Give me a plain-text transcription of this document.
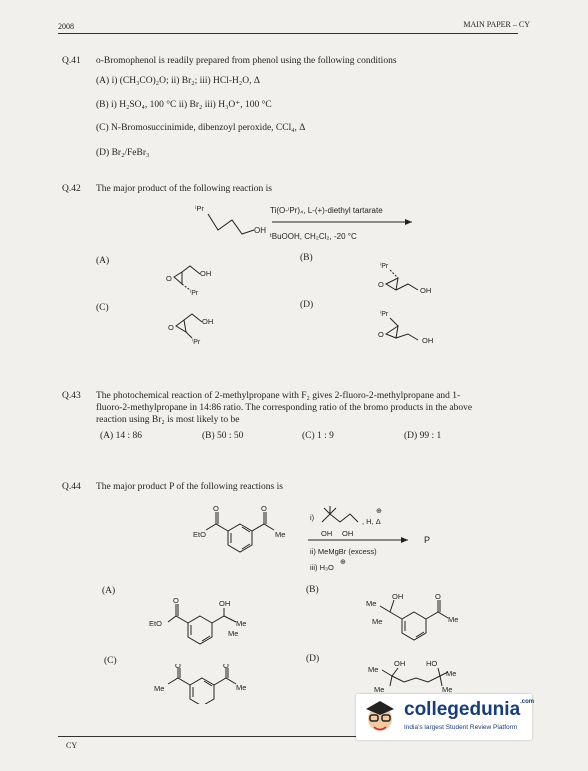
2008	MAIN PAPER – CY
Q.41 o-Bromophenol is readily prepared from phenol using the following conditions
(A) i) (CH₃CO)₂O; ii) Br₂; iii) HCl-H₂O, Δ
(B) i) H₂SO₄, 100 °C ii) Br₂ iii) H₃O⁺, 100 °C
(C) N-Bromosuccinimide, dibenzoyl peroxide, CCl₄, Δ
(D) Br₂/FeBr₃
Q.42 The major product of the following reaction is
ⁱPr
OH
Ti(O-ⁱPr)₄, L-(+)-diethyl tartarate
ᵗBuOOH, CH₂Cl₂, -20 °C
(A)	(B)
(C)	(D)
O
OH
ⁱPr
ⁱPr
O
OH
O
OH
ⁱPr
ⁱPr
O
OH
Q.43 The photochemical reaction of 2-methylpropane with F₂ gives 2-fluoro-2-methylpropane and 1-
fluoro-2-methylpropane in 14:86 ratio. The corresponding ratio of the bromo products in the above
reaction using Br₂ is most likely to be
(A) 14 : 86	(B) 50 : 50	(C) 1 : 9	(D) 99 : 1
Q.44 The major product P of the following reactions is
O
EtO
O
Me
i)
OH OH
, H, Δ
⊕
P
ii) MeMgBr (excess)
iii) H₃O
⊕
(A)	(B)
(C)	(D)
O
EtO
OH
Me
Me
OH
Me
Me
O
Me
O
Me
O
Me
Me
OH	HO
Me
Me	Me
CY
collegedunia$^{.com}$
India's largest Student Review Platform
